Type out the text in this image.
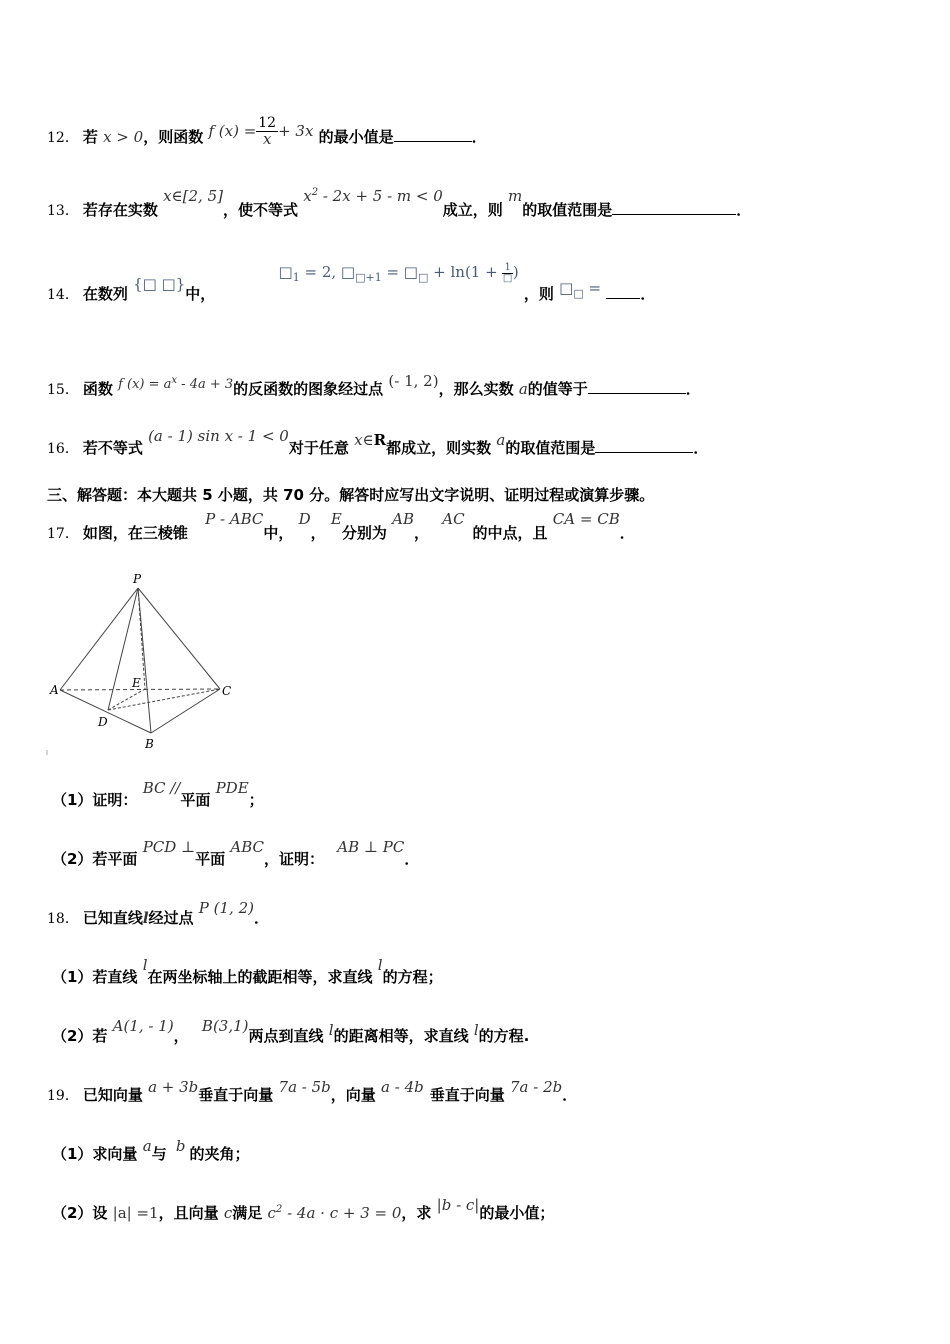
12． 若 x > 0，则函数 f $(x) = \frac{12}{x} + 3x$ 的最小值是	．
13． 若存在实数 x∈[2, 5]，使不等式 $x^2 - 2x + 5 - m < 0$成立，则 m的取值范围是	．
14． 在数列 {□ □}中， $□_1 = 2$, $□_{□+1}$ = $□_□ + \ln(1 + \frac{1}{□}$ ) ，则 $□_□$ =	．
15． 函数 $^{f (x) = a^x - 4a + 3}$的反函数的图象经过点 (- 1, 2)，那么实数 a的值等于	．
16． 若不等式 (a - 1) sin x - 1 < 0对于任意 x∈R都成立，则实数 a的取值范围是	．
三、解答题：本大题共 5 小题，共 70 分。解答时应写出文字说明、证明过程或演算步骤。
17． 如图，在三棱锥 P - ABC中， D， E分别为 AB， AC的中点，且 CA = CB．
P
A	C
B
D
E
（1）证明： BC //平面 PDE；
（2）若平面 PCD ⊥平面 ABC，证明： AB ⊥ PC．
18． 已知直线l经过点 P (1, 2)．
（1）若直线 l在两坐标轴上的截距相等，求直线 l的方程；
（2）若 A(1, - 1)， B(3,1)两点到直线 l的距离相等，求直线 l的方程.
19． 已知向量 a + 3b垂直于向量 7a - 5b，向量 a - 4b 垂直于向量 7a - 2b．
（1）求向量 a与 b 的夹角；
（2）设 |a| =1，且向量 c满足 $c^2 - 4a \cdot c + 3 = 0$，求 |b - c|的最小值；
